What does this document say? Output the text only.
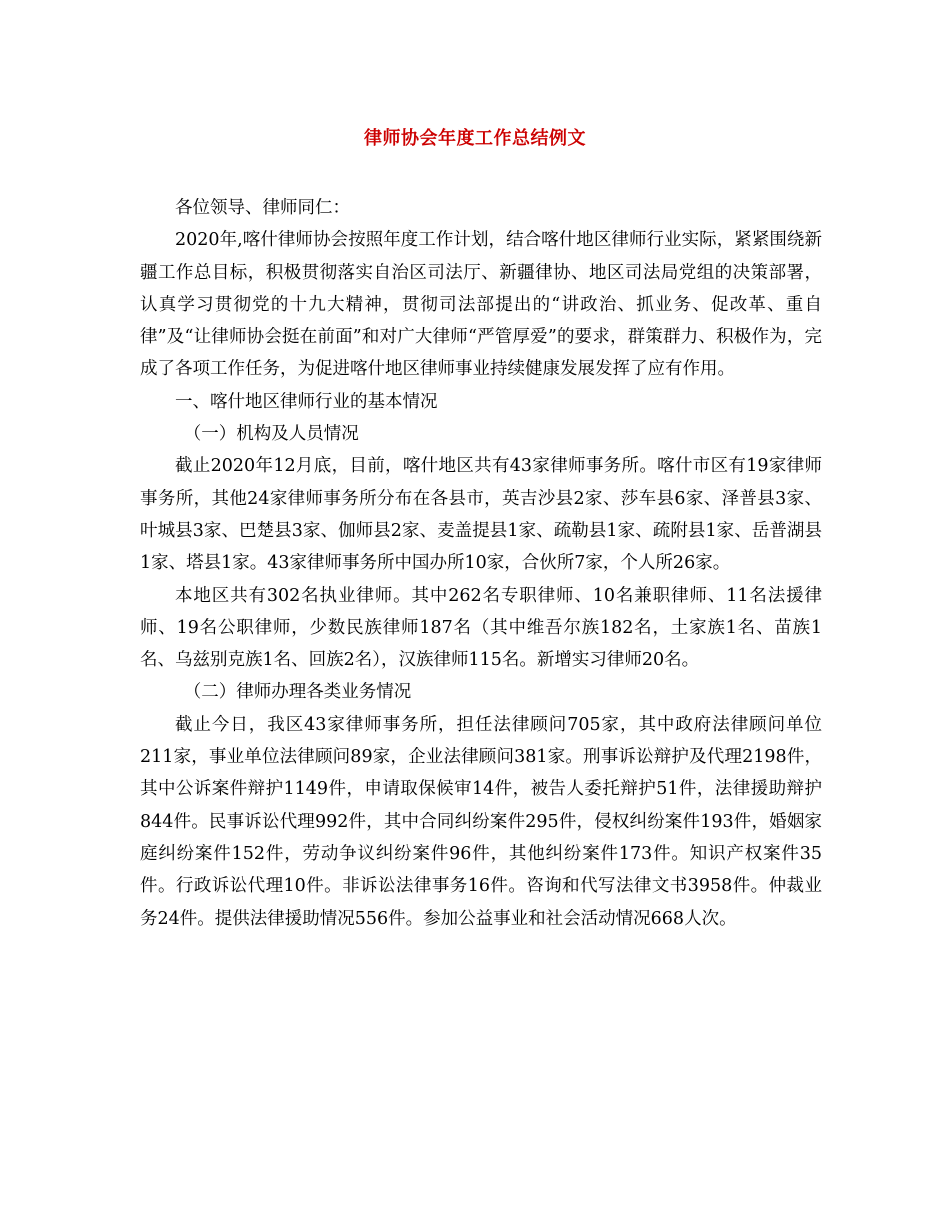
律师协会年度工作总结例文

各位领导、律师同仁：

2020年,喀什律师协会按照年度工作计划，结合喀什地区律师行业实际，紧紧围绕新疆工作总目标，积极贯彻落实自治区司法厅、新疆律协、地区司法局党组的决策部署，认真学习贯彻党的十九大精神，贯彻司法部提出的“讲政治、抓业务、促改革、重自律”及“让律师协会挺在前面”和对广大律师“严管厚爱”的要求，群策群力、积极作为，完成了各项工作任务，为促进喀什地区律师事业持续健康发展发挥了应有作用。

一、喀什地区律师行业的基本情况

（一）机构及人员情况

截止2020年12月底，目前，喀什地区共有43家律师事务所。喀什市区有19家律师事务所，其他24家律师事务所分布在各县市，英吉沙县2家、莎车县6家、泽普县3家、叶城县3家、巴楚县3家、伽师县2家、麦盖提县1家、疏勒县1家、疏附县1家、岳普湖县1家、塔县1家。43家律师事务所中国办所10家，合伙所7家，个人所26家。

本地区共有302名执业律师。其中262名专职律师、10名兼职律师、11名法援律师、19名公职律师，少数民族律师187名（其中维吾尔族182名，土家族1名、苗族1名、乌兹别克族1名、回族2名），汉族律师115名。新增实习律师20名。

（二）律师办理各类业务情况

截止今日，我区43家律师事务所，担任法律顾问705家，其中政府法律顾问单位211家，事业单位法律顾问89家，企业法律顾问381家。刑事诉讼辩护及代理2198件，其中公诉案件辩护1149件，申请取保候审14件，被告人委托辩护51件，法律援助辩护844件。民事诉讼代理992件，其中合同纠纷案件295件，侵权纠纷案件193件，婚姻家庭纠纷案件152件，劳动争议纠纷案件96件，其他纠纷案件173件。知识产权案件35件。行政诉讼代理10件。非诉讼法律事务16件。咨询和代写法律文书3958件。仲裁业务24件。提供法律援助情况556件。参加公益事业和社会活动情况668人次。
